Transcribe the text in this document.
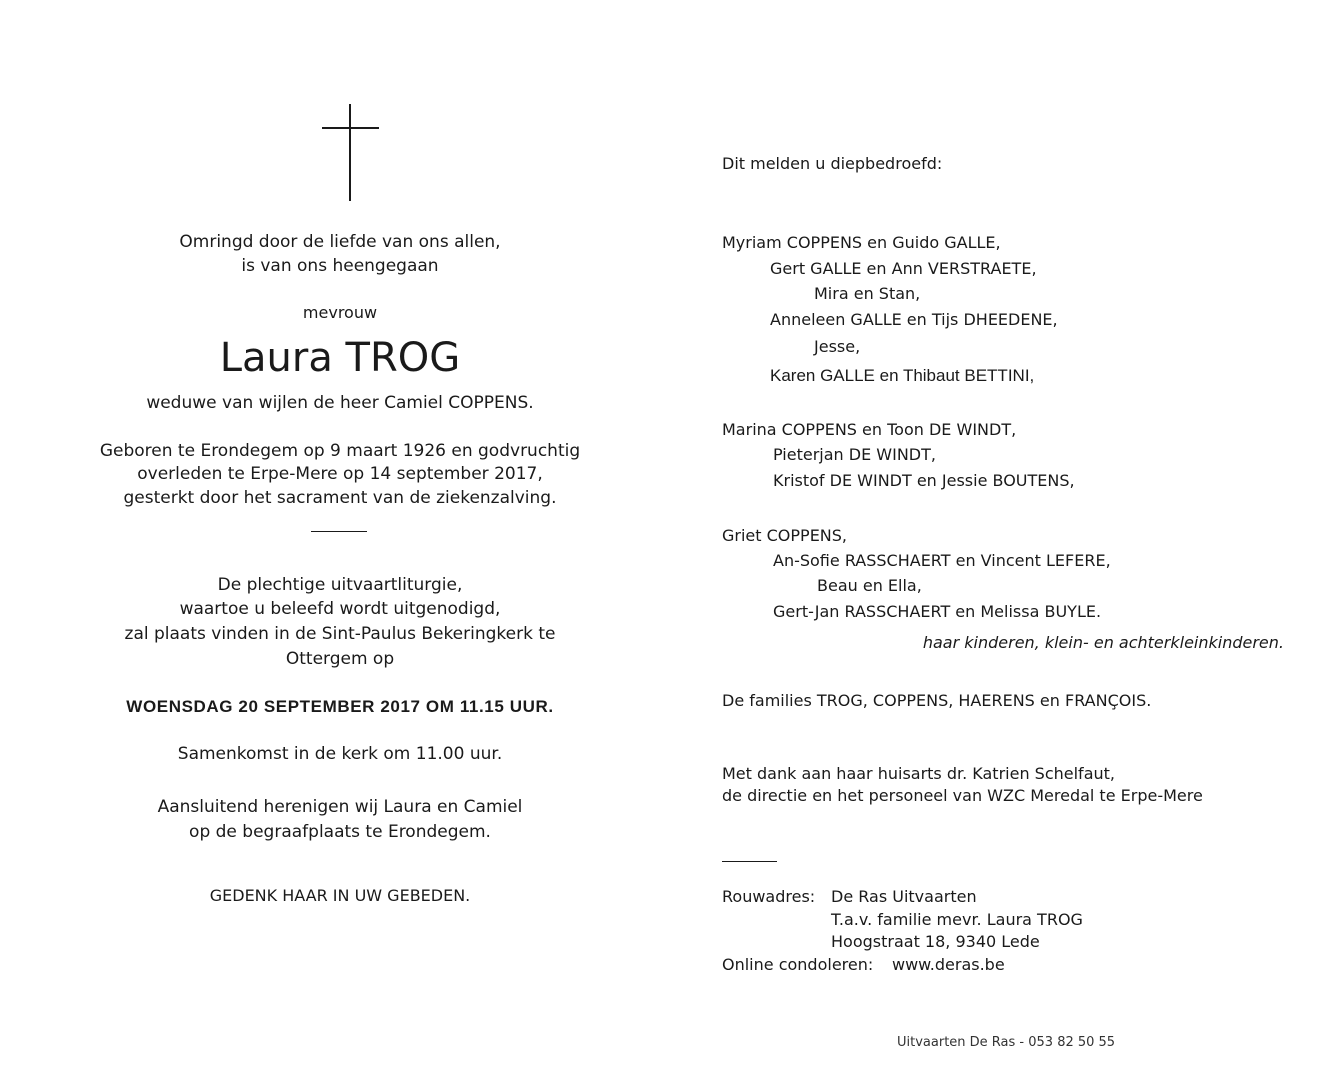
Omringd door de liefde van ons allen,
is van ons heengegaan
mevrouw
Laura TROG
weduwe van wijlen de heer Camiel COPPENS.
Geboren te Erondegem op 9 maart 1926 en godvruchtig
overleden te Erpe-Mere op 14 september 2017,
gesterkt door het sacrament van de ziekenzalving.
De plechtige uitvaartliturgie,
waartoe u beleefd wordt uitgenodigd,
zal plaats vinden in de Sint-Paulus Bekeringkerk te
Ottergem op
WOENSDAG 20 SEPTEMBER 2017 OM 11.15 UUR.
Samenkomst in de kerk om 11.00 uur.
Aansluitend herenigen wij Laura en Camiel
op de begraafplaats te Erondegem.
GEDENK HAAR IN UW GEBEDEN.
Dit melden u diepbedroefd:
Myriam COPPENS en Guido GALLE,
Gert GALLE en Ann VERSTRAETE,
Mira en Stan,
Anneleen GALLE en Tijs DHEEDENE,
Jesse,
Karen GALLE en Thibaut BETTINI,
Marina COPPENS en Toon DE WINDT,
Pieterjan DE WINDT,
Kristof DE WINDT en Jessie BOUTENS,
Griet COPPENS,
An-Sofie RASSCHAERT en Vincent LEFERE,
Beau en Ella,
Gert-Jan RASSCHAERT en Melissa BUYLE.
haar kinderen, klein- en achterkleinkinderen.
De families TROG, COPPENS, HAERENS en FRANÇOIS.
Met dank aan haar huisarts dr. Katrien Schelfaut,
de directie en het personeel van WZC Meredal te Erpe-Mere
Rouwadres: De Ras Uitvaarten
T.a.v. familie mevr. Laura TROG
Hoogstraat 18, 9340 Lede
Online condoleren: www.deras.be
Uitvaarten De Ras - 053 82 50 55
